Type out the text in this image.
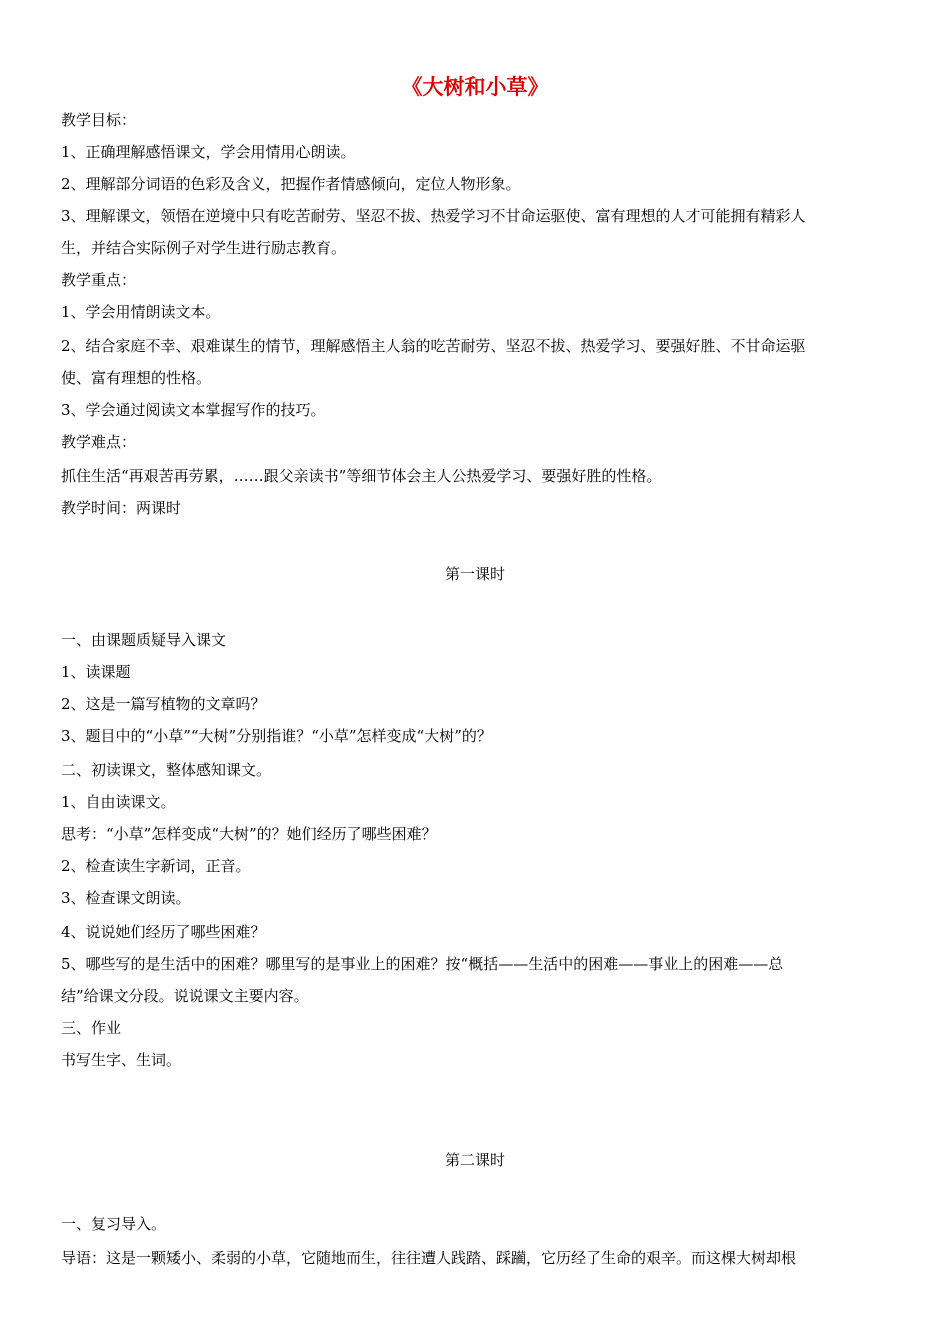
《大树和小草》
教学目标：
1、正确理解感悟课文，学会用情用心朗读。
2、理解部分词语的色彩及含义，把握作者情感倾向，定位人物形象。
3、理解课文，领悟在逆境中只有吃苦耐劳、坚忍不拔、热爱学习不甘命运驱使、富有理想的人才可能拥有精彩人
生，并结合实际例子对学生进行励志教育。
教学重点：
1、学会用情朗读文本。
2、结合家庭不幸、艰难谋生的情节，理解感悟主人翁的吃苦耐劳、坚忍不拔、热爱学习、要强好胜、不甘命运驱
使、富有理想的性格。
3、学会通过阅读文本掌握写作的技巧。
教学难点：
抓住生活“再艰苦再劳累，……跟父亲读书”等细节体会主人公热爱学习、要强好胜的性格。
教学时间：两课时
第一课时
一、由课题质疑导入课文
1、读课题
2、这是一篇写植物的文章吗？
3、题目中的“小草”“大树”分别指谁？“小草”怎样变成“大树”的？
二、初读课文，整体感知课文。
1、自由读课文。
思考：“小草”怎样变成“大树”的？她们经历了哪些困难？
2、检查读生字新词，正音。
3、检查课文朗读。
4、说说她们经历了哪些困难？
5、哪些写的是生活中的困难？哪里写的是事业上的困难？按“概括——生活中的困难——事业上的困难——总
结”给课文分段。说说课文主要内容。
三、作业
书写生字、生词。
第二课时
一、复习导入。
导语：这是一颗矮小、柔弱的小草，它随地而生，往往遭人践踏、踩躏，它历经了生命的艰辛。而这棵大树却根
